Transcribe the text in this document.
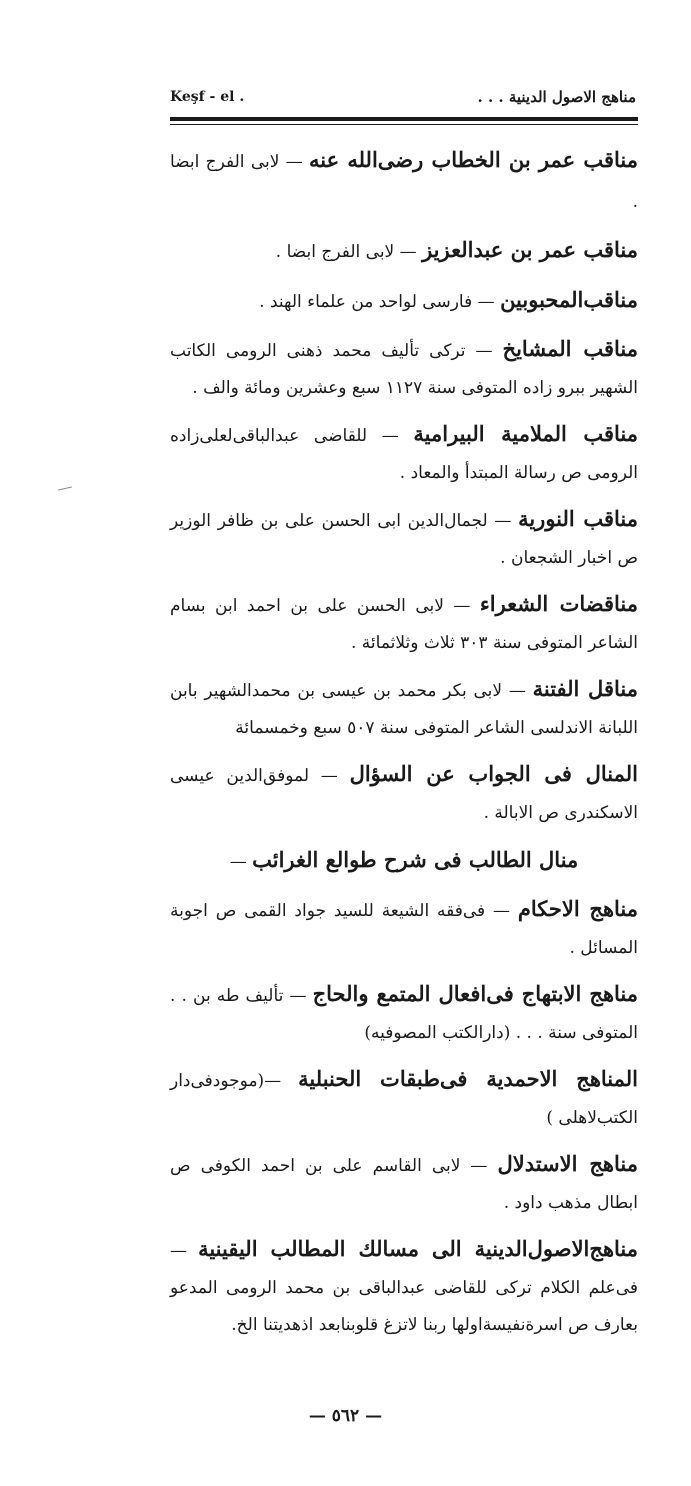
Keşf - el .	مناهج الاصول الدينية . . .

مناقب عمر بن الخطاب رضى‌الله عنه — لابى الفرج ابضا .

مناقب عمر بن عبدالعزيز — لابى الفرج ابضا .

مناقب‌المحبوبين — فارسى لواحد من علماء الهند .

مناقب المشايخ — تركى تأليف محمد ذهنى الرومى الكاتب الشهير ببرو زاده المتوفى سنة ١١٢٧ سبع وعشرين ومائة والف .

مناقب الملامية البيرامية — للقاضى عبدالباقى‌لعلى‌زاده الرومى ص رسالة المبتدأ والمعاد .

مناقب النورية — لجمال‌الدين ابى الحسن على بن ظافر الوزير ص اخبار الشجعان .

مناقضات الشعراء — لابى الحسن على بن احمد ابن بسام الشاعر المتوفى سنة ٣٠٣ ثلاث وثلاثمائة .

مناقل الفتنة — لابى بكر محمد بن عيسى بن محمدالشهير بابن اللبانة الاندلسى الشاعر المتوفى سنة ٥٠٧ سبع وخمسمائة

المنال فى الجواب عن السؤال — لموفق‌الدين عيسى الاسكندرى ص الابالة .

منال الطالب فى شرح طوالع الغرائب —

مناهج الاحكام — فى‌فقه الشيعة للسيد جواد القمى ص اجوبة المسائل .

مناهج الابتهاج فى‌افعال المتمع والحاج — تأليف طه بن . . المتوفى سنة . . . (دارالكتب المصوفيه)

المناهج الاحمدية فى‌طبقات الحنبلية —(موجودفى‌دار الكتب‌لاهلى )

مناهج الاستدلال — لابى القاسم على بن احمد الكوفى ص ابطال مذهب داود .

مناهج‌الاصول‌الدينية الى مسالك المطالب اليقينية — فى‌علم الكلام تركى للقاضى عبدالباقى بن محمد الرومى المدعو بعارف ص اسرة‌نفيسة‌اولها ربنا لاتزغ قلوبنابعد اذهديتنا الخ.

— ٥٦٢ —
